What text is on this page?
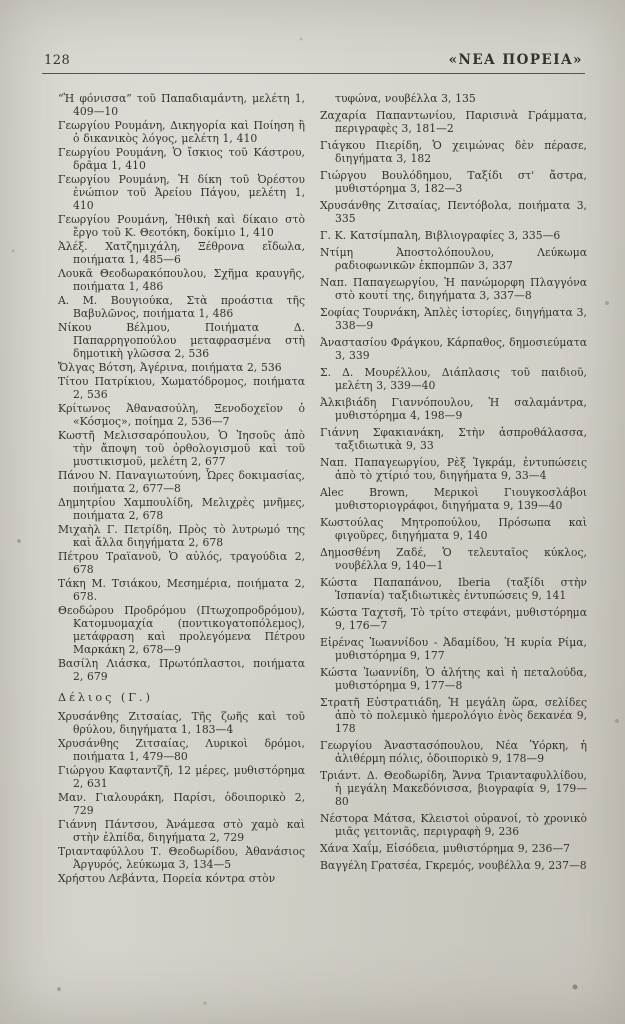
128	«ΝΕΑ ΠΟΡΕΙΑ»

“Ἡ φόνισσα” τοῦ Παπαδιαμάντη, μελέτη 1, 409—10

Γεωργίου Ρουμάνη, Δικηγορία καὶ Ποίηση ἢ ὁ δικανικὸς λόγος, μελέτη 1, 410

Γεωργίου Ρουμάνη, Ὁ ἴσκιος τοῦ Κάστρου, δρᾶμα 1, 410

Γεωργίου Ρουμάνη, Ἡ δίκη τοῦ Ὀρέστου ἐνώπιον τοῦ Ἀρείου Πάγου, μελέτη 1, 410

Γεωργίου Ρουμάνη, Ἠθικὴ καὶ δίκαιο στὸ ἔργο τοῦ Κ. Θεοτόκη, δοκίμιο 1, 410

Ἀλέξ. Χατζημιχάλη, Ξέθρονα εἴδωλα, ποιήματα 1, 485—6

Λουκᾶ Θεοδωρακόπουλου, Σχῆμα κραυγῆς, ποιήματα 1, 486

Α. Μ. Βουγιούκα, Στὰ προάστια τῆς Βαβυλῶνος, ποιήματα 1, 486

Νίκου Βέλμου, Ποιήματα Δ. Παπαρρηγοπούλου μεταφρασμένα στὴ δημοτικὴ γλῶσσα 2, 536

Ὄλγας Βότση, Ἀγέρινα, ποιήματα 2, 536

Τίτου Πατρίκιου, Χωματόδρομος, ποιήματα 2, 536

Κρίτωνος Ἀθανασούλη, Ξενοδοχεῖον ὁ «Κόσμος», ποίημα 2, 536—7

Κωστῆ Μελισσαρόπουλου, Ὁ Ἰησοῦς ἀπὸ τὴν ἄποψη τοῦ ὀρθολογισμοῦ καὶ τοῦ μυστικισμοῦ, μελέτη 2, 677

Πάνου Ν. Παναγιωτούνη, Ὧρες δοκιμασίας, ποιήματα 2, 677—8

Δημητρίου Χαμπουλίδη, Μελιχρὲς μνῆμες, ποιήματα 2, 678

Μιχαὴλ Γ. Πετρίδη, Πρὸς τὸ λυτρωμό της καὶ ἄλλα διηγήματα 2, 678

Πέτρου Τραϊανοῦ, Ὁ αὐλός, τραγούδια 2, 678

Τάκη Μ. Τσιάκου, Μεσημέρια, ποιήματα 2, 678.

Θεοδώρου Προδρόμου (Πτωχοπροδρόμου), Κατομυομαχία (ποντικογατοπόλεμος), μετάφραση καὶ προλεγόμενα Πέτρου Μαρκάκη 2, 678—9

Βασίλη Λιάσκα, Πρωτόπλαστοι, ποιήματα 2, 679

Δέλιος (Γ.)

Χρυσάνθης Ζιτσαίας, Τῆς ζωῆς καὶ τοῦ θρύλου, διηγήματα 1, 183—4

Χρυσάνθης Ζιτσαίας, Λυρικοὶ δρόμοι, ποιήματα 1, 479—80

Γιώργου Καφταντζῆ, 12 μέρες, μυθιστόρημα 2, 631

Μαν. Γιαλουράκη, Παρίσι, ὁδοιπορικὸ 2, 729

Γιάννη Πάντσου, Ἀνάμεσα στὸ χαμὸ καὶ στὴν ἐλπίδα, διηγήματα 2, 729

Τριανταφύλλου Τ. Θεοδωρίδου, Ἀθανάσιος Ἀργυρός, λεύκωμα 3, 134—5

Χρήστου Λεβάντα, Πορεία κόντρα στὸν

τυφώνα, νουβέλλα 3, 135

Ζαχαρία Παπαντωνίου, Παρισινὰ Γράμματα, περιγραφὲς 3, 181—2

Γιάγκου Πιερίδη, Ὁ χειμώνας δὲν πέρασε, διηγήματα 3, 182

Γιώργου Βουλόδημου, Ταξίδι στ' ἄστρα, μυθιστόρημα 3, 182—3

Χρυσάνθης Ζιτσαίας, Πεντόβολα, ποιήματα 3, 335

Γ. Κ. Κατσίμπαλη, Βιβλιογραφίες 3, 335—6

Ντίμη Ἀποστολόπουλου, Λεύκωμα ραδιοφωνικῶν ἐκπομπῶν 3, 337

Ναπ. Παπαγεωργίου, Ἡ πανώμορφη Πλαγγόνα στὸ κουτί της, διηγήματα 3, 337—8

Σοφίας Τουρνάκη, Ἁπλὲς ἱστορίες, διηγήματα 3, 338—9

Ἀναστασίου Φράγκου, Κάρπαθος, δημοσιεύματα 3, 339

Σ. Δ. Μουρέλλου, Διάπλασις τοῦ παιδιοῦ, μελέτη 3, 339—40

Ἀλκιβιάδη Γιαννόπουλου, Ἡ σαλαμάντρα, μυθιστόρημα 4, 198—9

Γιάννη Σφακιανάκη, Στὴν ἀσπροθάλασσα, ταξιδιωτικὰ 9, 33

Ναπ. Παπαγεωργίου, Ρὲξ Ἰγκράμ, ἐντυπώσεις ἀπὸ τὸ χτίριό του, διηγήματα 9, 33—4

Alec Brown, Μερικοὶ Γιουγκοσλάβοι μυθιστοριογράφοι, διηγήματα 9, 139—40

Κωστούλας Μητροπούλου, Πρόσωπα καὶ φιγοῦρες, διηγήματα 9, 140

Δημοσθένη Ζαδέ, Ὁ τελευταῖος κύκλος, νουβέλλα 9, 140—1

Κώστα Παπαπάνου, Iberia (ταξίδι στὴν Ἱσπανία) ταξιδιωτικὲς ἐντυπώσεις 9, 141

Κώστα Ταχτσῆ, Τὸ τρίτο στεφάνι, μυθιστόρημα 9, 176—7

Εἰρένας Ἰωαννίδου - Ἀδαμίδου, Ἡ κυρία Ρίμα, μυθιστόρημα 9, 177

Κώστα Ἰωαννίδη, Ὁ ἀλήτης καὶ ἡ πεταλούδα, μυθιστόρημα 9, 177—8

Στρατῆ Εὐστρατιάδη, Ἡ μεγάλη ὥρα, σελίδες ἀπὸ τὸ πολεμικὸ ἡμερολόγιο ἑνὸς δεκανέα 9, 178

Γεωργίου Ἀναστασόπουλου, Νέα Ὑόρκη, ἡ ἀλιθέρμη πόλις, ὁδοιπορικὸ 9, 178—9

Τριάντ. Δ. Θεοδωρίδη, Ἄννα Τριανταφυλλίδου, ἡ μεγάλη Μακεδόνισσα, βιογραφία 9, 179—80

Νέστορα Μάτσα, Κλειστοὶ οὐρανοί, τὸ χρονικὸ μιᾶς γειτονιᾶς, περιγραφὴ 9, 236

Χάνα Χαΐμ, Εἰσόδεια, μυθιστόρημα 9, 236—7

Βαγγέλη Γρατσέα, Γκρεμός, νουβέλλα 9, 237—8
